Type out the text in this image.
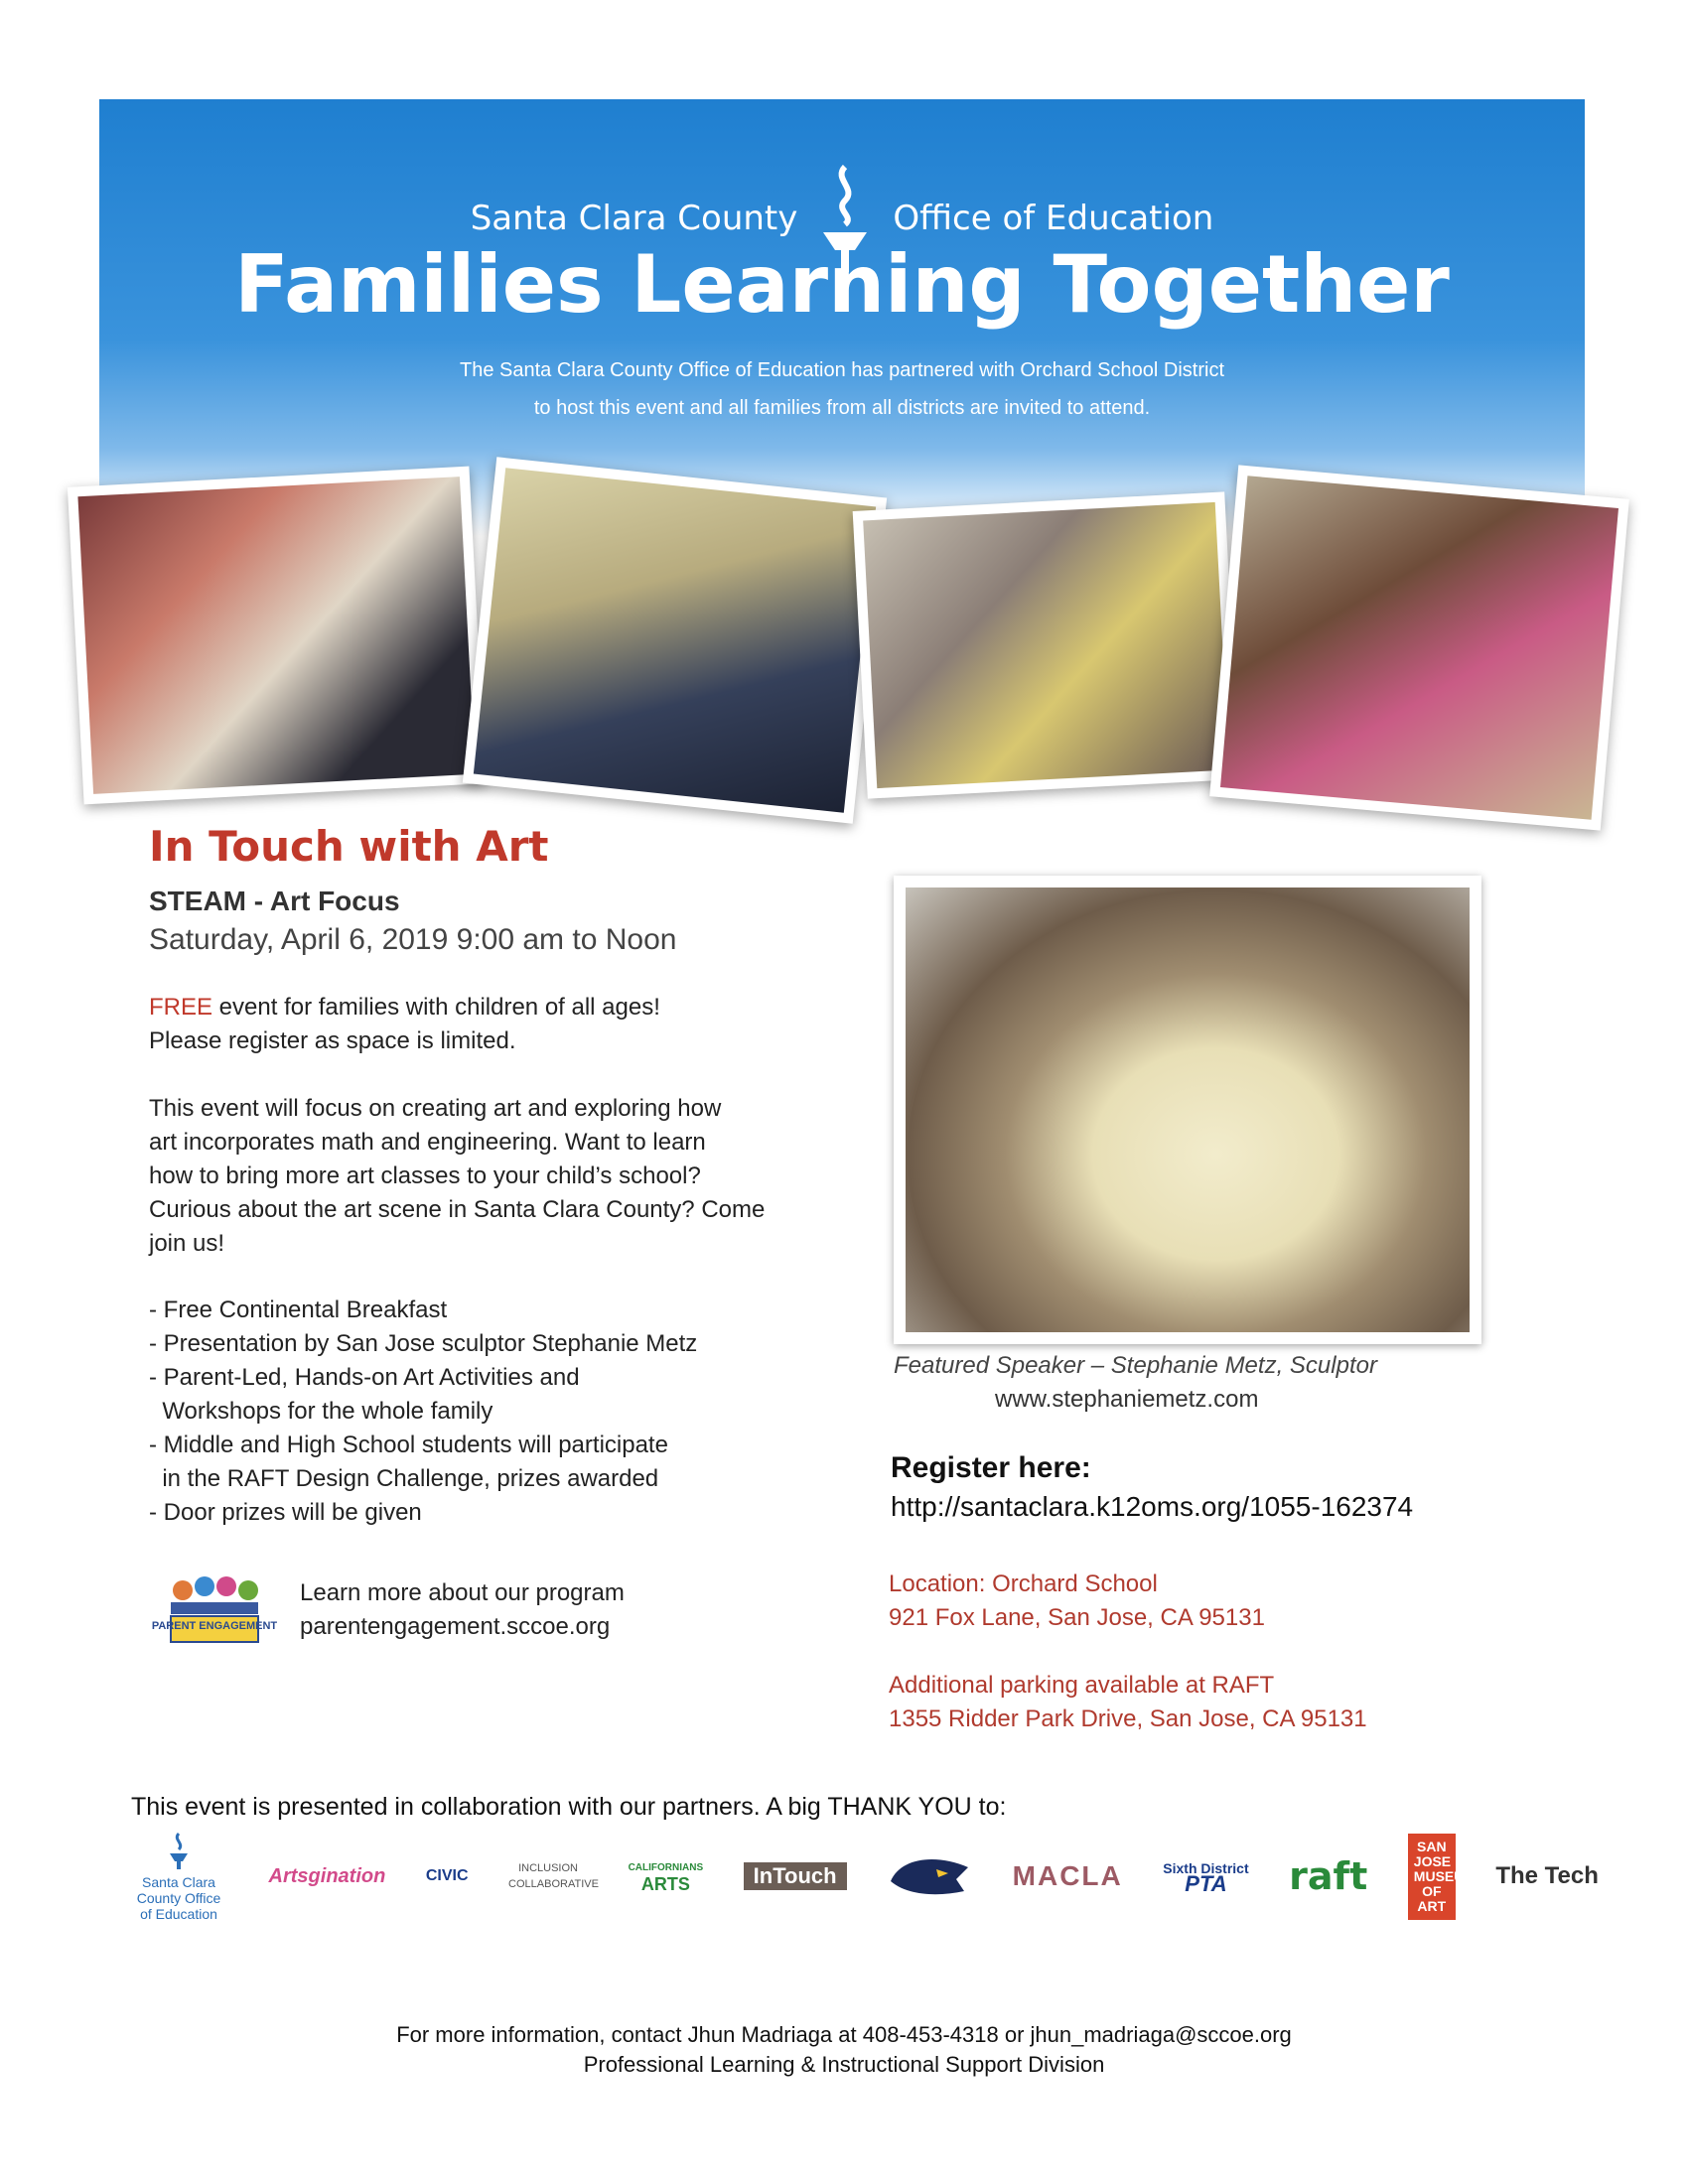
Santa Clara County	Office of Education
Families Learning Together
The Santa Clara County Office of Education has partnered with Orchard School District
to host this event and all families from all districts are invited to attend.
In Touch with Art
STEAM - Art Focus
Saturday, April 6, 2019 9:00 am to Noon
FREE event for families with children of all ages!
Please register as space is limited.
This event will focus on creating art and exploring how
art incorporates math and engineering. Want to learn
how to bring more art classes to your child’s school?
Curious about the art scene in Santa Clara County? Come
join us!
- Free Continental Breakfast
- Presentation by San Jose sculptor Stephanie Metz
- Parent-Led, Hands-on Art Activities and
Workshops for the whole family
- Middle and High School students will participate
in the RAFT Design Challenge, prizes awarded
- Door prizes will be given
PARENT ENGAGEMENT
Learn more about our program
parentengagement.sccoe.org
Featured Speaker – Stephanie Metz, Sculptor
www.stephaniemetz.com
Register here:
http://santaclara.k12oms.org/1055-162374
Location: Orchard School
921 Fox Lane, San Jose, CA 95131
Additional parking available at RAFT
1355 Ridder Park Drive, San Jose, CA 95131
This event is presented in collaboration with our partners. A big THANK YOU to:
Santa Clara County Office of Education
Artsgination	CIVIC	INCLUSION COLLABORATIVE
CALIFORNIANS
ARTS	InTouch	MACLA	Sixth District
PTA	raft
SAN JOSE MUSEUM OF ART
The Tech
For more information, contact Jhun Madriaga at 408-453-4318 or jhun_madriaga@sccoe.org
Professional Learning & Instructional Support Division
